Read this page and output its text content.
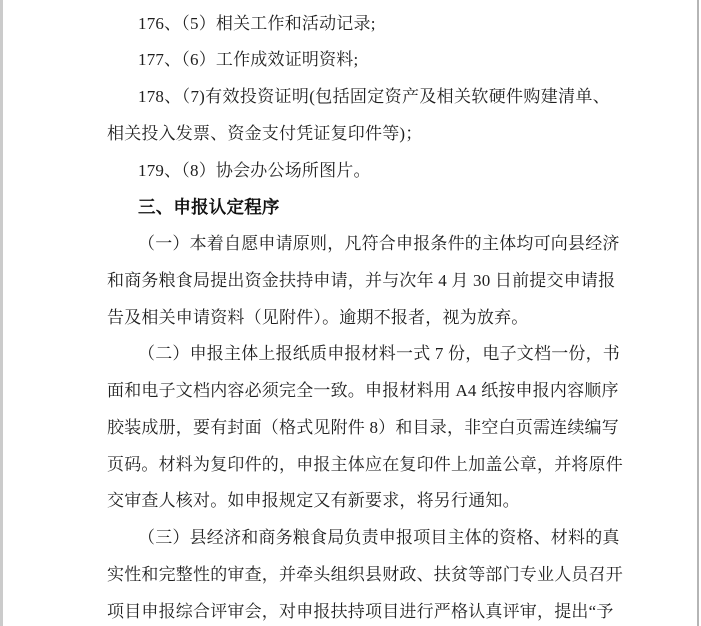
176、（5）相关工作和活动记录;
177、（6）工作成效证明资料;
178、（7)有效投资证明(包括固定资产及相关软硬件购建清单、
相关投入发票、资金支付凭证复印件等)；
179、（8）协会办公场所图片。
三、申报认定程序
（一）本着自愿申请原则，凡符合申报条件的主体均可向县经济
和商务粮食局提出资金扶持申请，并与次年 4 月 30 日前提交申请报
告及相关申请资料（见附件）。逾期不报者，视为放弃。
（二）申报主体上报纸质申报材料一式 7 份，电子文档一份，书
面和电子文档内容必须完全一致。申报材料用 A4 纸按申报内容顺序
胶装成册，要有封面（格式见附件 8）和目录，非空白页需连续编写
页码。材料为复印件的，申报主体应在复印件上加盖公章，并将原件
交审查人核对。如申报规定又有新要求，将另行通知。
（三）县经济和商务粮食局负责申报项目主体的资格、材料的真
实性和完整性的审查，并牵头组织县财政、扶贫等部门专业人员召开
项目申报综合评审会，对申报扶持项目进行严格认真评审，提出“予
